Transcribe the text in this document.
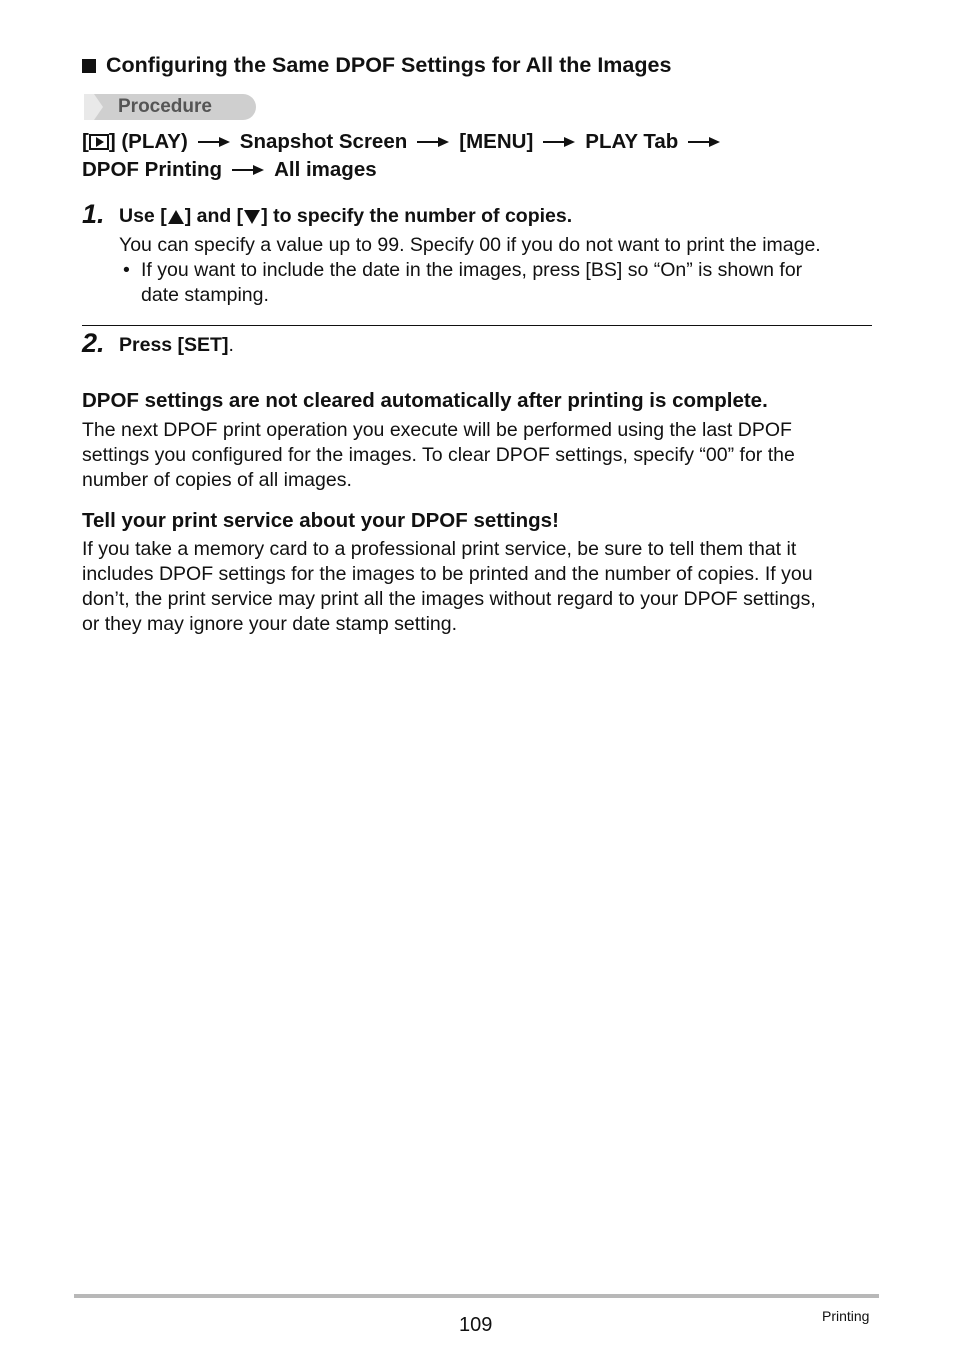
Configuring the Same DPOF Settings for All the Images
Procedure
[ ] (PLAY)	Snapshot Screen	[MENU]	PLAY Tab
DPOF Printing	All images
1. Use [ ] and [ ] to specify the number of copies.
You can specify a value up to 99. Specify 00 if you do not want to print the image.
• If you want to include the date in the images, press [BS] so “On” is shown for
date stamping.
2. Press [SET].
DPOF settings are not cleared automatically after printing is complete.
The next DPOF print operation you execute will be performed using the last DPOF
settings you configured for the images. To clear DPOF settings, specify “00” for the
number of copies of all images.
Tell your print service about your DPOF settings!
If you take a memory card to a professional print service, be sure to tell them that it
includes DPOF settings for the images to be printed and the number of copies. If you
don’t, the print service may print all the images without regard to your DPOF settings,
or they may ignore your date stamp setting.
109	Printing
